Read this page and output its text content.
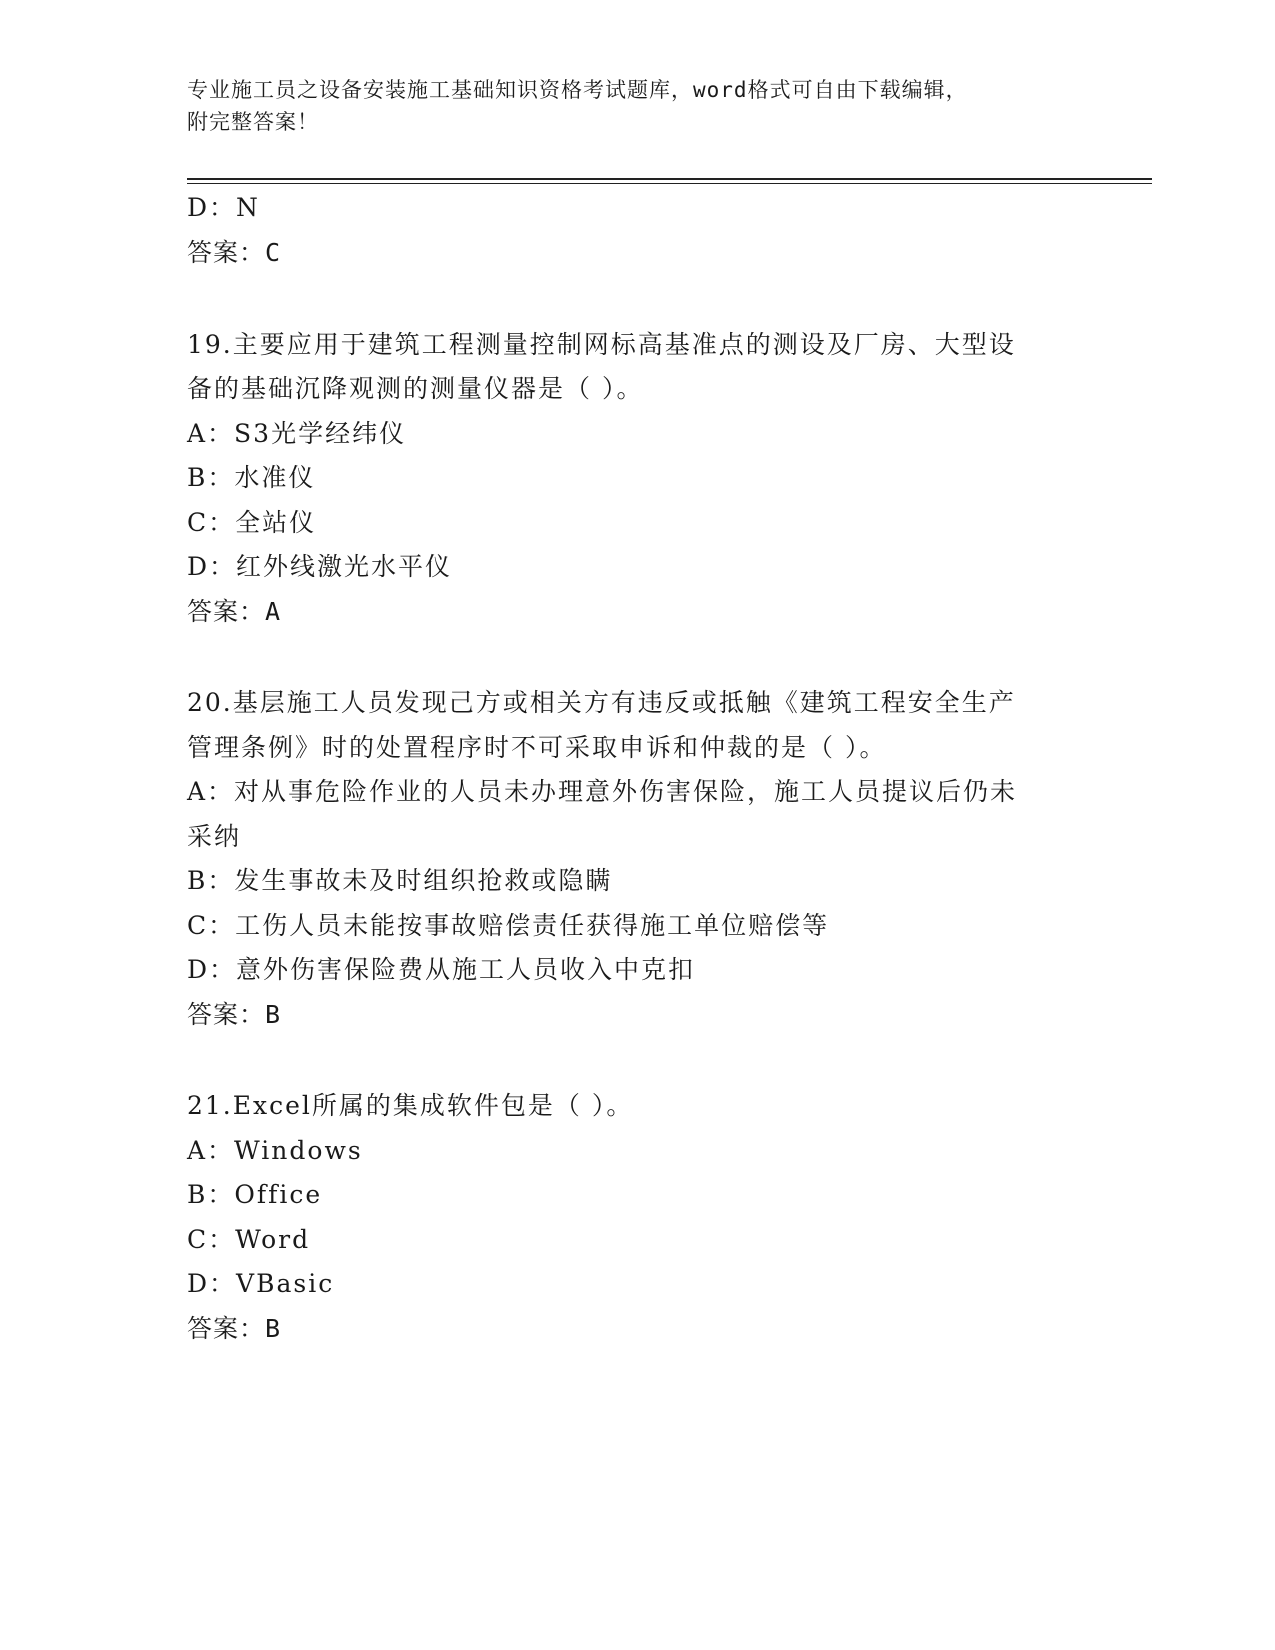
专业施工员之设备安装施工基础知识资格考试题库，word格式可自由下载编辑，
附完整答案！
D：N
答案：C
19.主要应用于建筑工程测量控制网标高基准点的测设及厂房、大型设
备的基础沉降观测的测量仪器是（ ）。
A：S3光学经纬仪
B：水准仪
C：全站仪
D：红外线激光水平仪
答案：A
20.基层施工人员发现己方或相关方有违反或抵触《建筑工程安全生产
管理条例》时的处置程序时不可采取申诉和仲裁的是（ ）。
A：对从事危险作业的人员未办理意外伤害保险，施工人员提议后仍未
采纳
B：发生事故未及时组织抢救或隐瞒
C：工伤人员未能按事故赔偿责任获得施工单位赔偿等
D：意外伤害保险费从施工人员收入中克扣
答案：B
21.Excel所属的集成软件包是（ ）。
A：Windows
B：Office
C：Word
D：VBasic
答案：B
